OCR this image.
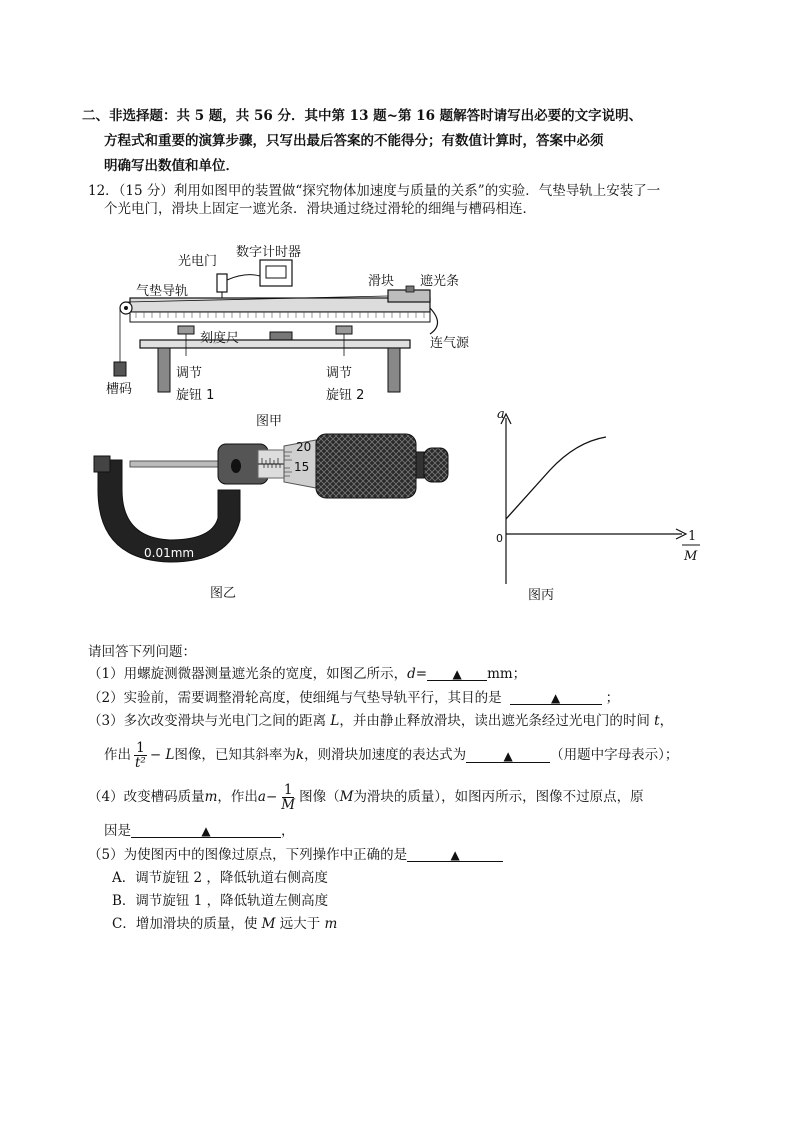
二、非选择题：共 5 题，共 56 分．其中第 13 题~第 16 题解答时请写出必要的文字说明、
方程式和重要的演算步骤，只写出最后答案的不能得分；有数值计算时，答案中必须
明确写出数值和单位．
12．（15 分）利用如图甲的装置做“探究物体加速度与质量的关系”的实验．气垫导轨上安装了一
个光电门，滑块上固定一遮光条．滑块通过绕过滑轮的细绳与槽码相连．
数字计时器
光电门
气垫导轨
滑块 遮光条
刻度尺	连气源
调节
旋钮 1
调节
旋钮 2
槽码
图甲
20
15
0.01mm
图乙
a
0	1
M
图丙
请回答下列问题：
（1）用螺旋测微器测量遮光条的宽度，如图乙所示，d= ▲ mm；
（2）实验前，需要调整滑轮高度，使细绳与气垫导轨平行，其目的是	▲	；
（3）多次改变滑块与光电门之间的距离 L，并由静止释放滑块，读出遮光条经过光电门的时间 t，
作出 $\frac{1}{\text{t²}} - L$ 图像，已知其斜率为 k ，则滑块加速度的表达式为	▲	（用题中字母表示）；
（4）改变槽码质量 m ，作出 $a - \frac{1}{M}$ 图像（ M 为滑块的质量），如图丙所示，图像不过原点，原
因是	▲	，
（5）为使图丙中的图像过原点，下列操作中正确的是	▲
A．调节旋钮 2 ，降低轨道右侧高度
B．调节旋钮 1 ，降低轨道左侧高度
C．增加滑块的质量，使 M 远大于 m
